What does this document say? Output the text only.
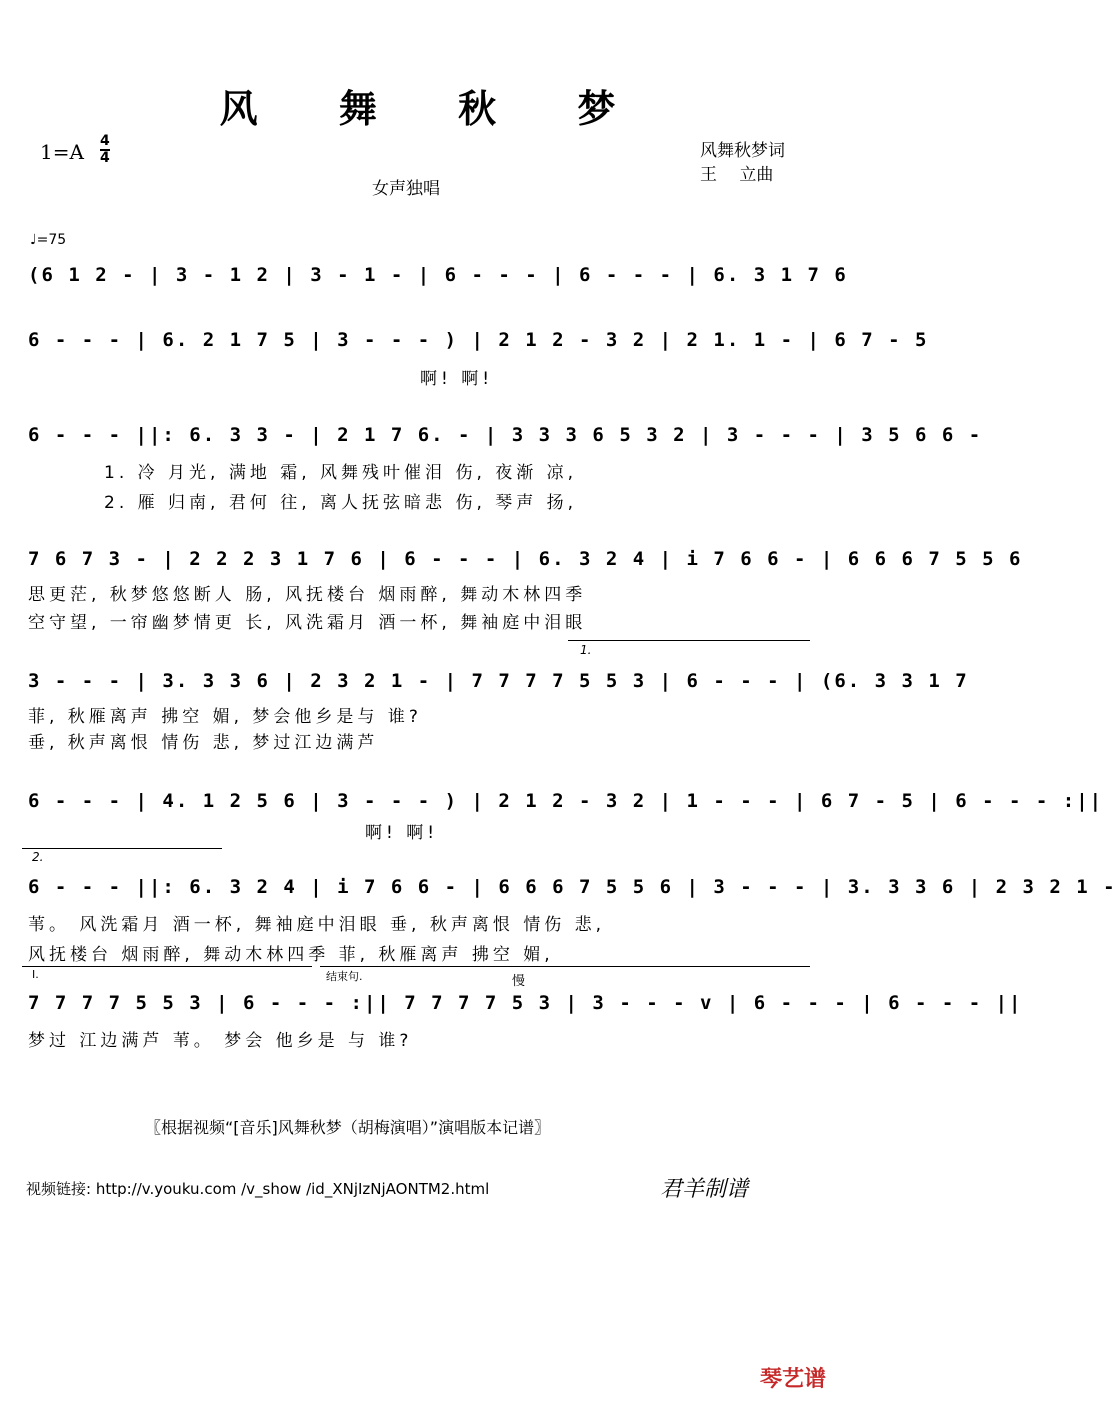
风 舞 秋 梦
1=A 4
4	风舞秋梦词
王　 立曲
女声独唱
♩=75
(6 1 2 - | 3 - 1 2 | 3 - 1 - | 6 - - - | 6 - - - | 6. 3 1 7 6
6 - - - | 6. 2 1 7 5 | 3 - - - ) | 2 1 2 - 3 2 | 2 1. 1 - | 6 7 - 5
啊! 啊!
6 - - - ||: 6. 3 3 - | 2 1 7 6. - | 3 3 3 6 5 3 2 | 3 - - - | 3 5 6 6 -
1. 冷 月光, 满地 霜, 风舞残叶催泪 伤, 夜渐 凉,
2. 雁 归南, 君何 往, 离人抚弦暗悲 伤, 琴声 扬,
7 6 7 3 - | 2 2 2 3 1 7 6 | 6 - - - | 6. 3 2 4 | i 7 6 6 - | 6 6 6 7 5 5 6
思更茫, 秋梦悠悠断人 肠, 风抚楼台 烟雨醉, 舞动木林四季
空守望, 一帘幽梦情更 长, 风洗霜月 酒一杯, 舞袖庭中泪眼
1.
3 - - - | 3. 3 3 6 | 2 3 2 1 - | 7 7 7 7 5 5 3 | 6 - - - | (6. 3 3 1 7
菲, 秋雁离声 拂空 媚, 梦会他乡是与 谁?
垂, 秋声离恨 情伤 悲, 梦过江边满芦
6 - - - | 4. 1 2 5 6 | 3 - - - ) | 2 1 2 - 3 2 | 1 - - - | 6 7 - 5 | 6 - - - :||
啊! 啊!
2.
6 - - - ||: 6. 3 2 4 | i 7 6 6 - | 6 6 6 7 5 5 6 | 3 - - - | 3. 3 3 6 | 2 3 2 1 -
苇。 风洗霜月 酒一杯, 舞袖庭中泪眼 垂, 秋声离恨 情伤 悲,
风抚楼台 烟雨醉, 舞动木林四季 菲, 秋雁离声 拂空 媚,
I.	结束句.	慢
7 7 7 7 5 5 3 | 6 - - - :|| 7 7 7 7 5 3 | 3 - - - v | 6 - - - | 6 - - - ||
梦过 江边满芦 苇。 梦会 他乡是 与 谁?
〖根据视频“[音乐]风舞秋梦（胡梅演唱）”演唱版本记谱〗
视频链接: http://v.youku.com /v_show /id_XNjIzNjAONTM2.html	君羊制谱
琴艺谱
